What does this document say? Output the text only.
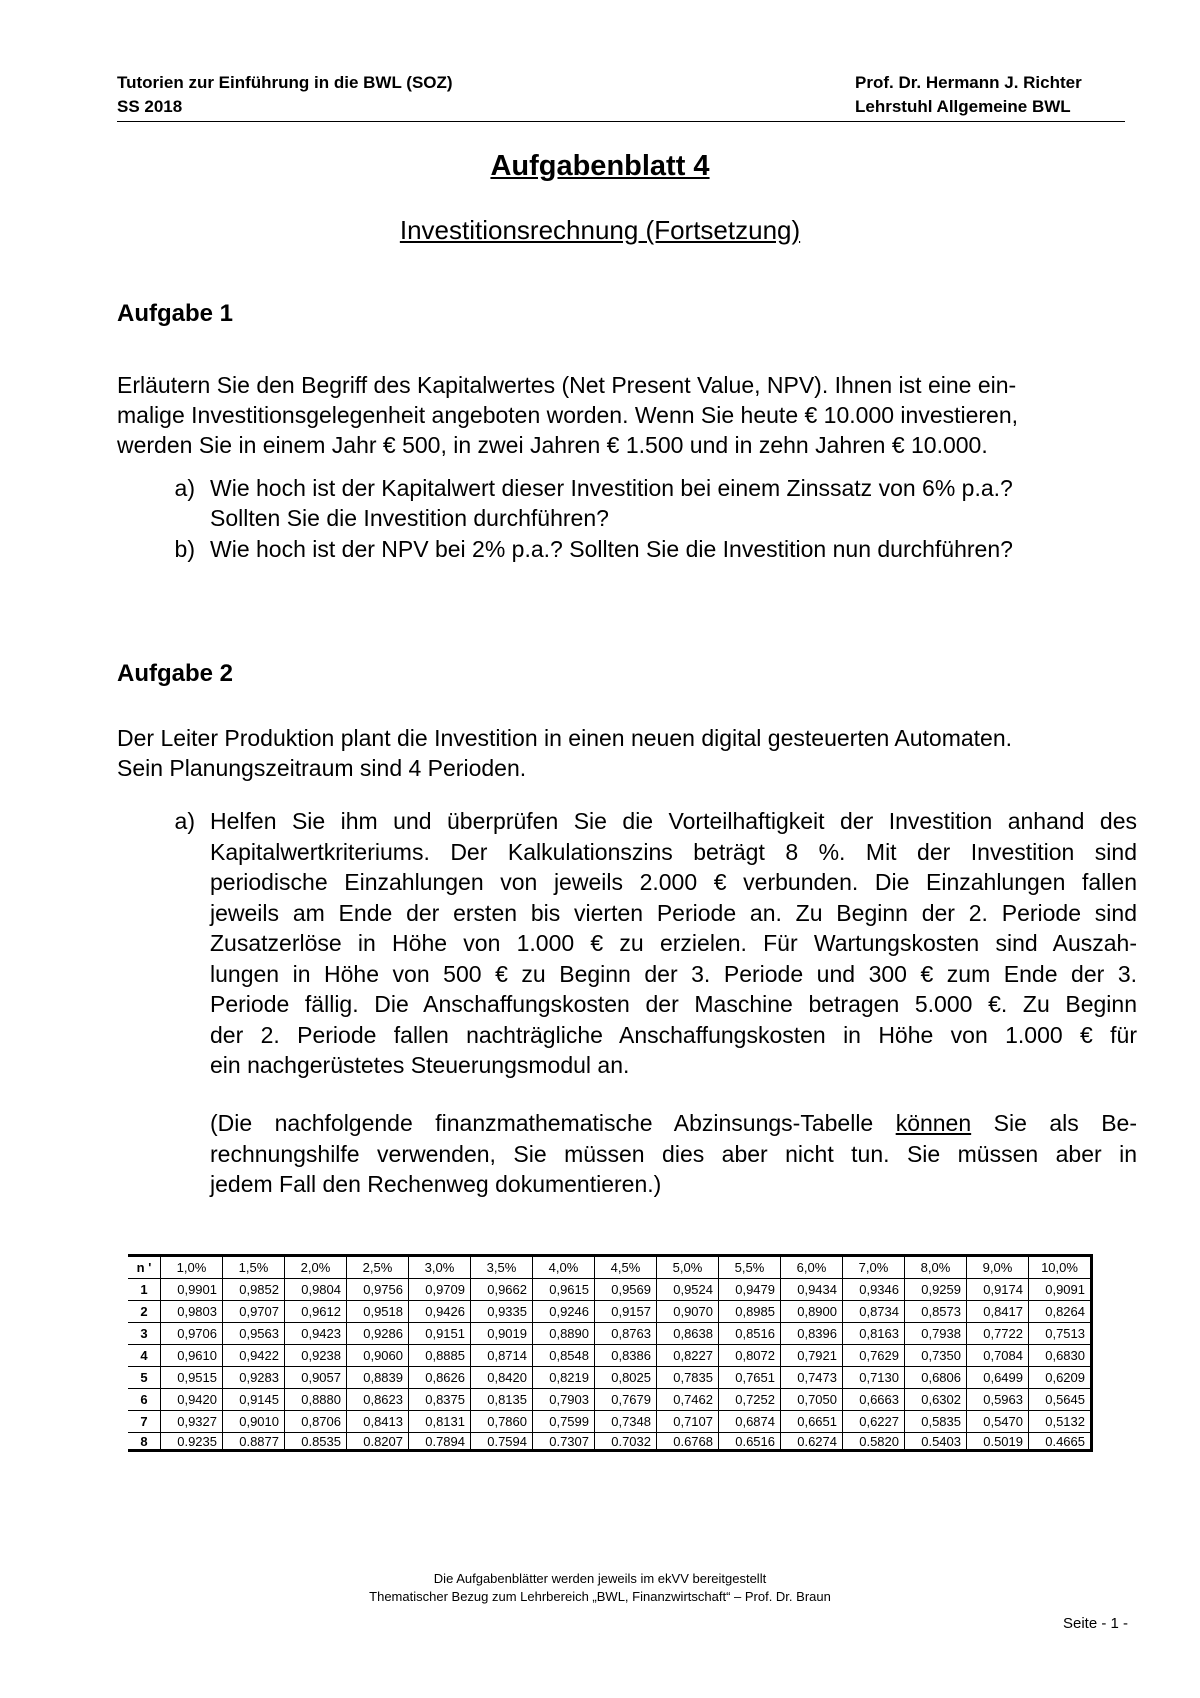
Tutorien zur Einführung in die BWL (SOZ)	Prof. Dr. Hermann J. Richter
SS 2018	Lehrstuhl Allgemeine BWL
Aufgabenblatt 4
Investitionsrechnung (Fortsetzung)
Aufgabe 1
Erläutern Sie den Begriff des Kapitalwertes (Net Present Value, NPV). Ihnen ist eine ein-
malige Investitionsgelegenheit angeboten worden. Wenn Sie heute € 10.000 investieren,
werden Sie in einem Jahr € 500, in zwei Jahren € 1.500 und in zehn Jahren € 10.000.
a) Wie hoch ist der Kapitalwert dieser Investition bei einem Zinssatz von 6% p.a.?
Sollten Sie die Investition durchführen?
b) Wie hoch ist der NPV bei 2% p.a.? Sollten Sie die Investition nun durchführen?
Aufgabe 2
Der Leiter Produktion plant die Investition in einen neuen digital gesteuerten Automaten.
Sein Planungszeitraum sind 4 Perioden.
a) Helfen Sie ihm und überprüfen Sie die Vorteilhaftigkeit der Investition anhand des
Kapitalwertkriteriums. Der Kalkulationszins beträgt 8 %. Mit der Investition sind
periodische Einzahlungen von jeweils 2.000 € verbunden. Die Einzahlungen fallen
jeweils am Ende der ersten bis vierten Periode an. Zu Beginn der 2. Periode sind
Zusatzerlöse in Höhe von 1.000 € zu erzielen. Für Wartungskosten sind Auszah-
lungen in Höhe von 500 € zu Beginn der 3. Periode und 300 € zum Ende der 3.
Periode fällig. Die Anschaffungskosten der Maschine betragen 5.000 €. Zu Beginn
der 2. Periode fallen nachträgliche Anschaffungskosten in Höhe von 1.000 € für
ein nachgerüstetes Steuerungsmodul an.
(Die nachfolgende finanzmathematische Abzinsungs-Tabelle können Sie als Be-
rechnungshilfe verwenden, Sie müssen dies aber nicht tun. Sie müssen aber in
jedem Fall den Rechenweg dokumentieren.)
n '	1,0%	1,5%	2,0%	2,5%	3,0%	3,5%	4,0%	4,5%	5,0%	5,5%	6,0%	7,0%	8,0%	9,0%	10,0%
1	0,9901	0,9852	0,9804	0,9756	0,9709	0,9662	0,9615	0,9569	0,9524	0,9479	0,9434	0,9346	0,9259	0,9174	0,9091
2	0,9803	0,9707	0,9612	0,9518	0,9426	0,9335	0,9246	0,9157	0,9070	0,8985	0,8900	0,8734	0,8573	0,8417	0,8264
3	0,9706	0,9563	0,9423	0,9286	0,9151	0,9019	0,8890	0,8763	0,8638	0,8516	0,8396	0,8163	0,7938	0,7722	0,7513
4	0,9610	0,9422	0,9238	0,9060	0,8885	0,8714	0,8548	0,8386	0,8227	0,8072	0,7921	0,7629	0,7350	0,7084	0,6830
5	0,9515	0,9283	0,9057	0,8839	0,8626	0,8420	0,8219	0,8025	0,7835	0,7651	0,7473	0,7130	0,6806	0,6499	0,6209
6	0,9420	0,9145	0,8880	0,8623	0,8375	0,8135	0,7903	0,7679	0,7462	0,7252	0,7050	0,6663	0,6302	0,5963	0,5645
7	0,9327	0,9010	0,8706	0,8413	0,8131	0,7860	0,7599	0,7348	0,7107	0,6874	0,6651	0,6227	0,5835	0,5470	0,5132
8	0.9235	0.8877	0.8535	0.8207	0.7894	0.7594	0.7307	0.7032	0.6768	0.6516	0.6274	0.5820	0.5403	0.5019	0.4665
Die Aufgabenblätter werden jeweils im ekVV bereitgestellt
Thematischer Bezug zum Lehrbereich „BWL, Finanzwirtschaft“ – Prof. Dr. Braun
Seite - 1 -
